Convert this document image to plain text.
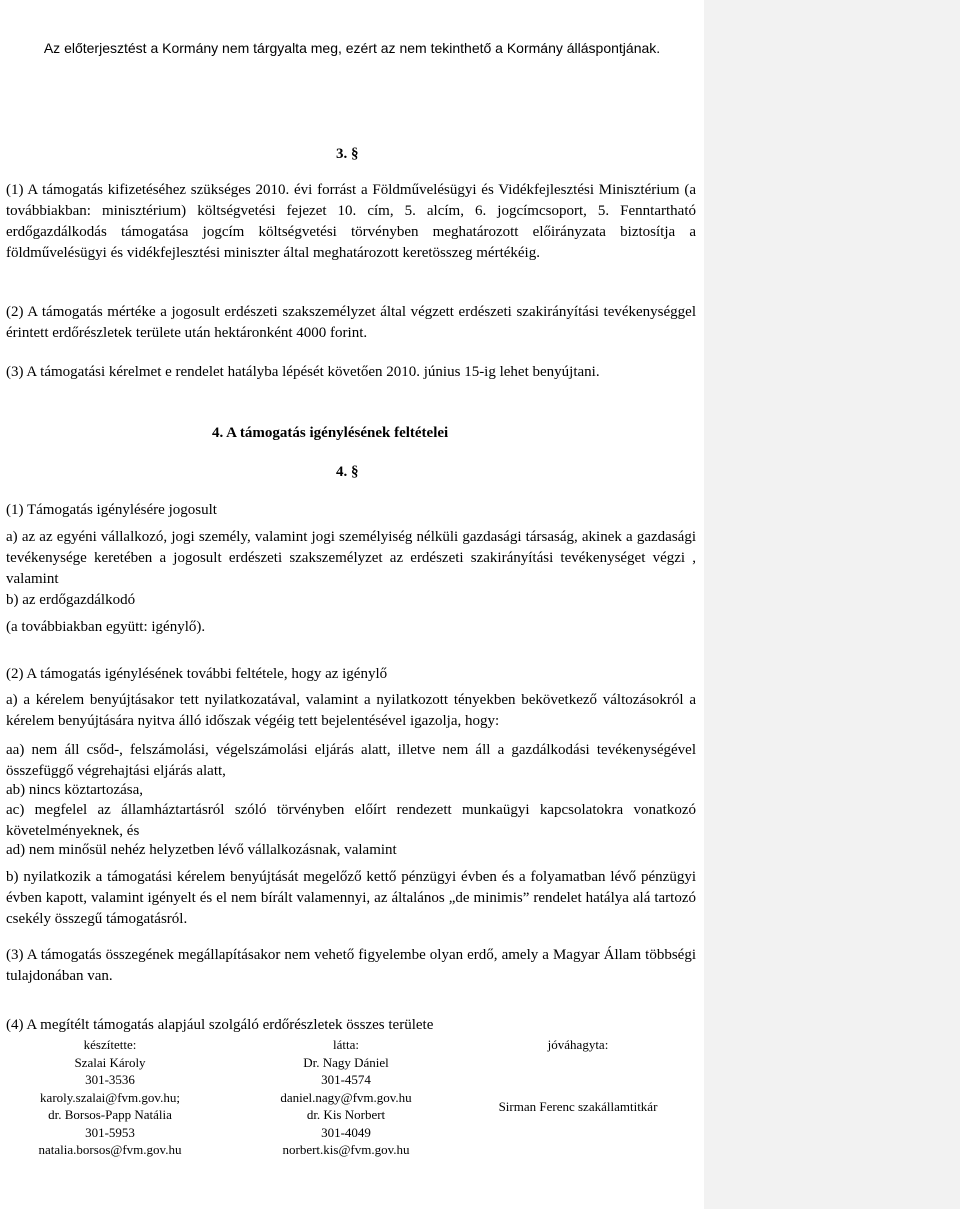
Az előterjesztést a Kormány nem tárgyalta meg, ezért az nem tekinthető a Kormány álláspontjának.

3. §

(1) A támogatás kifizetéséhez szükséges 2010. évi forrást a Földművelésügyi és Vidékfejlesztési Minisztérium (a továbbiakban: minisztérium) költségvetési fejezet 10. cím, 5. alcím, 6. jogcímcsoport, 5. Fenntartható erdőgazdálkodás támogatása jogcím költségvetési törvényben meghatározott előirányzata biztosítja a földművelésügyi és vidékfejlesztési miniszter által meghatározott keretösszeg mértékéig.

(2) A támogatás mértéke a jogosult erdészeti szakszemélyzet által végzett erdészeti szakirányítási tevékenységgel érintett erdőrészletek területe után hektáronként 4000 forint.

(3) A támogatási kérelmet e rendelet hatályba lépését követően 2010. június 15-ig lehet benyújtani.

4. A támogatás igénylésének feltételei

4. §

(1) Támogatás igénylésére jogosult

a) az az egyéni vállalkozó, jogi személy, valamint jogi személyiség nélküli gazdasági társaság, akinek a gazdasági tevékenysége keretében a jogosult erdészeti szakszemélyzet az erdészeti szakirányítási tevékenységet végzi , valamint

b) az erdőgazdálkodó

(a továbbiakban együtt: igénylő).

(2) A támogatás igénylésének további feltétele, hogy az igénylő

a) a kérelem benyújtásakor tett nyilatkozatával, valamint a nyilatkozott tényekben bekövetkező változásokról a kérelem benyújtására nyitva álló időszak végéig tett bejelentésével igazolja, hogy:

aa) nem áll csőd-, felszámolási, végelszámolási eljárás alatt, illetve nem áll a gazdálkodási tevékenységével összefüggő végrehajtási eljárás alatt,

ab) nincs köztartozása,

ac) megfelel az államháztartásról szóló törvényben előírt rendezett munkaügyi kapcsolatokra vonatkozó követelményeknek, és

ad) nem minősül nehéz helyzetben lévő vállalkozásnak, valamint

b) nyilatkozik a támogatási kérelem benyújtását megelőző kettő pénzügyi évben és a folyamatban lévő pénzügyi évben kapott, valamint igényelt és el nem bírált valamennyi, az általános „de minimis” rendelet hatálya alá tartozó csekély összegű támogatásról.

(3) A támogatás összegének megállapításakor nem vehető figyelembe olyan erdő, amely a Magyar Állam többségi tulajdonában van.

(4) A megítélt támogatás alapjául szolgáló erdőrészletek összes területe

készítette:
Szalai Károly
301-3536
karoly.szalai@fvm.gov.hu;
dr. Borsos-Papp Natália
301-5953
natalia.borsos@fvm.gov.hu
látta:
Dr. Nagy Dániel
301-4574
daniel.nagy@fvm.gov.hu
dr. Kis Norbert
301-4049
norbert.kis@fvm.gov.hu
jóváhagyta:
Sirman Ferenc szakállamtitkár
